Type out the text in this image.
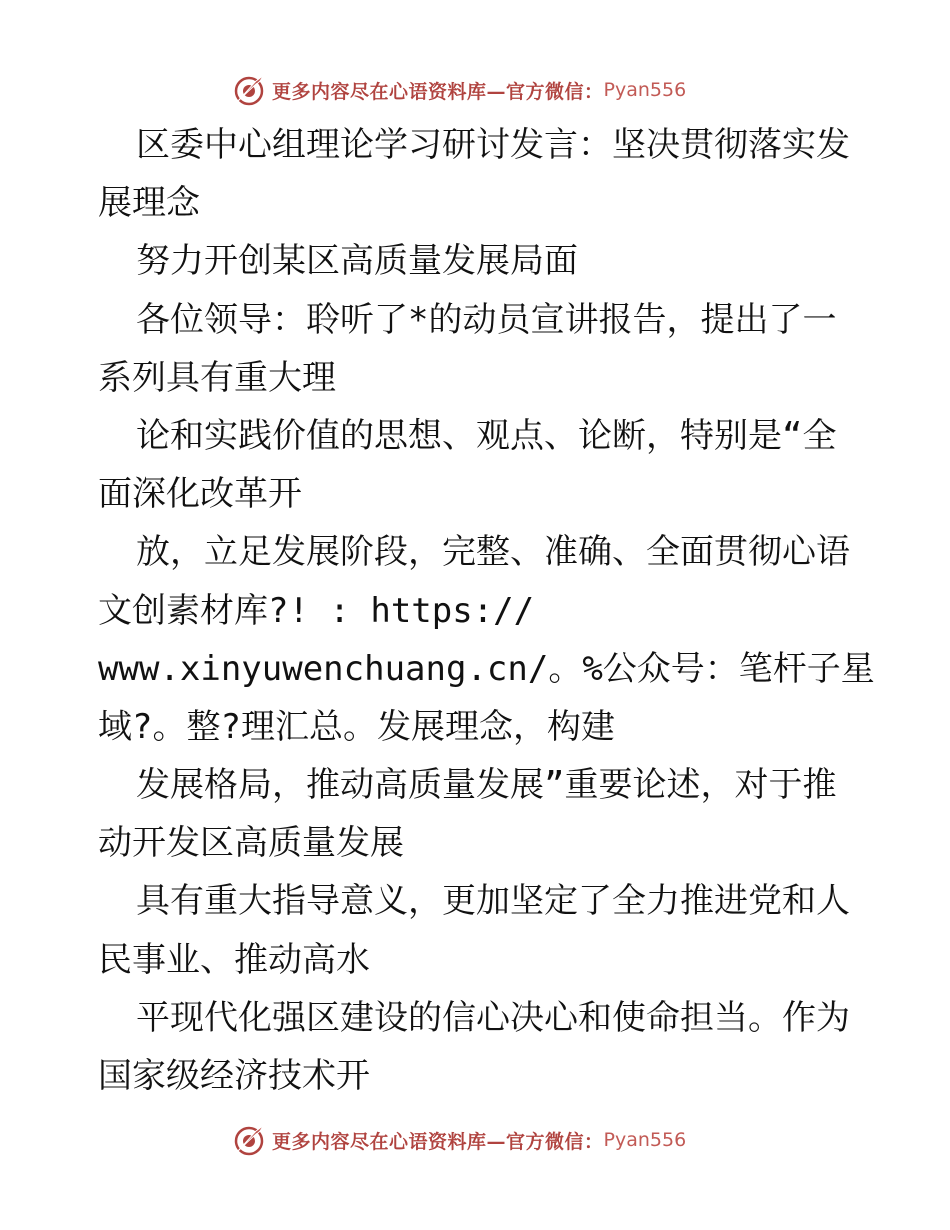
更多内容尽在心语资料库—官方微信： Pyan556
区委中心组理论学习研讨发言：坚决贯彻落实发
展理念
努力开创某区高质量发展局面
各位领导：聆听了*的动员宣讲报告，提出了一
系列具有重大理
论和实践价值的思想、观点、论断，特别是“全
面深化改革开
放，立足发展阶段，完整、准确、全面贯彻心语
文创素材库?! : https://
www.xinyuwenchuang.cn/。%公众号：笔杆子星
域?。整?理汇总。发展理念，构建
发展格局，推动高质量发展”重要论述，对于推
动开发区高质量发展
具有重大指导意义，更加坚定了全力推进党和人
民事业、推动高水
平现代化强区建设的信心决心和使命担当。作为
国家级经济技术开
更多内容尽在心语资料库—官方微信： Pyan556
